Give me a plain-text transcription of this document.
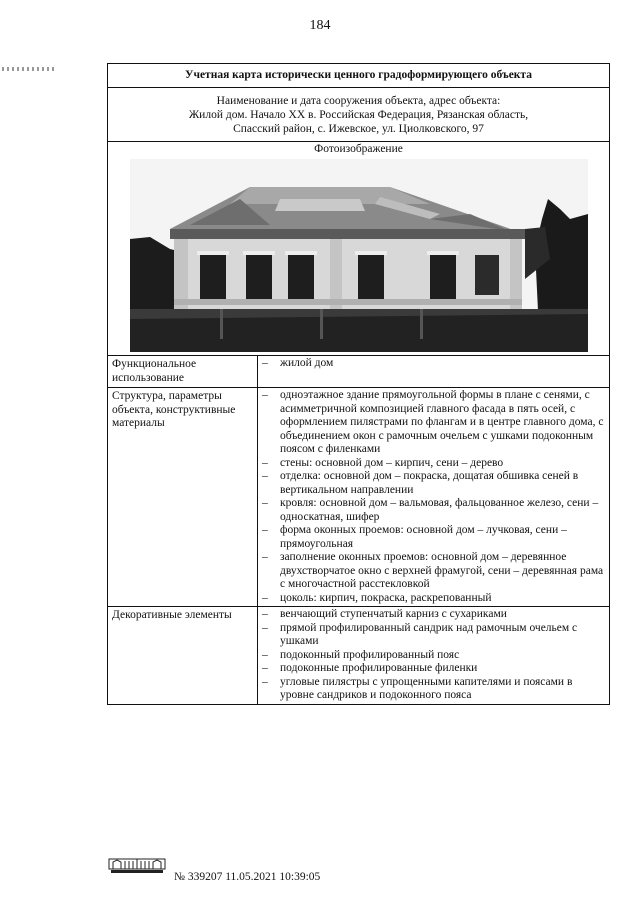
184
Учетная карта исторически ценного градоформирующего объекта
Наименование и дата сооружения объекта, адрес объекта:
Жилой дом. Начало XX в. Российская Федерация, Рязанская область,
Спасский район, с. Ижевское, ул. Циолковского, 97
Фотоизображение
Функциональное использование
–	жилой дом
Структура, параметры объекта, конструктивные материалы
–	одноэтажное здание прямоугольной формы в плане с сенями, с асимметричной композицией главного фасада в пять осей, с оформлением пилястрами по флангам и в центре главного дома, с объединением окон с рамочным очельем с ушками подоконным поясом с филенками
–	стены: основной дом – кирпич, сени – дерево
–	отделка: основной дом – покраска, дощатая обшивка сеней в вертикальном направлении
–	кровля: основной дом – вальмовая, фальцованное железо, сени – односкатная, шифер
–	форма оконных проемов: основной дом – лучковая, сени – прямоугольная
–	заполнение оконных проемов: основной дом – деревянное двухстворчатое окно с верхней фрамугой, сени – деревянная рама с многочастной расстекловкой
–	цоколь: кирпич, покраска, раскрепованный
Декоративные элементы	–	венчающий ступенчатый карниз с сухариками
–	прямой профилированный сандрик над рамочным очельем с ушками
–	подоконный профилированный пояс
–	подоконные профилированные филенки
–	угловые пилястры с упрощенными капителями и поясами в уровне сандриков и подоконного пояса
№ 339207 11.05.2021 10:39:05
